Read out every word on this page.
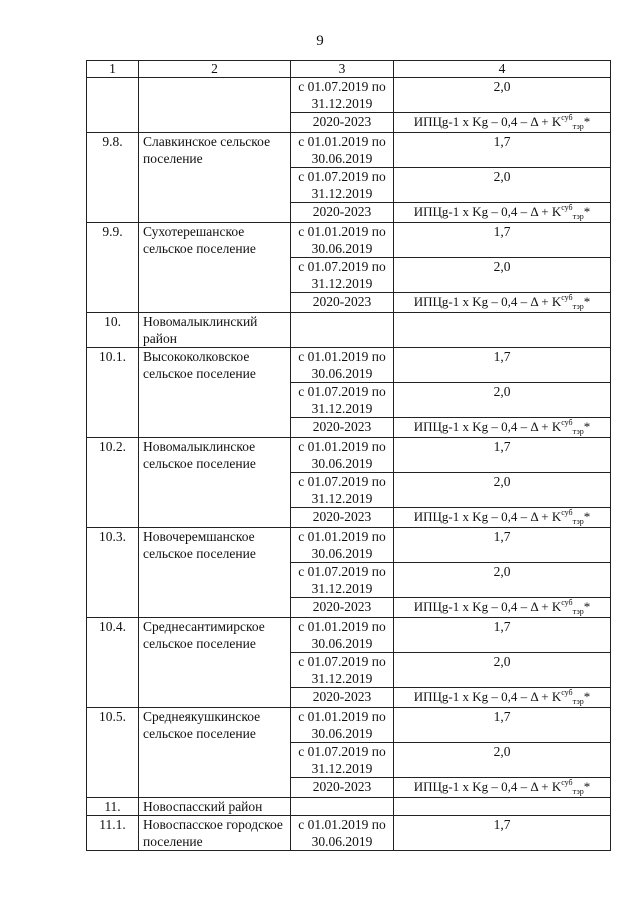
9
1	2	3	4
		с 01.07.2019 по 31.12.2019	2,0
		2020-2023	ИПЦg-1 x $Kg - 0,4 - \Delta + K^{суб}_{тэр}*$
9.8.	Славкинское сельское поселение	с 01.01.2019 по 30.06.2019	1,7
		с 01.07.2019 по 31.12.2019	2,0
		2020-2023	ИПЦg-1 x $Kg - 0,4 - \Delta + K^{суб}_{тэр}*$
9.9.	Сухотерешанское сельское поселение	с 01.01.2019 по 30.06.2019	1,7
		с 01.07.2019 по 31.12.2019	2,0
		2020-2023	ИПЦg-1 x $Kg - 0,4 - \Delta + K^{суб}_{тэр}*$
10.	Новомалыклинский район		
10.1.	Высококолковское сельское поселение	с 01.01.2019 по 30.06.2019	1,7
		с 01.07.2019 по 31.12.2019	2,0
		2020-2023	ИПЦg-1 x $Kg - 0,4 - \Delta + K^{суб}_{тэр}*$
10.2.	Новомалыклинское сельское поселение	с 01.01.2019 по 30.06.2019	1,7
		с 01.07.2019 по 31.12.2019	2,0
		2020-2023	ИПЦg-1 x $Kg - 0,4 - \Delta + K^{суб}_{тэр}*$
10.3.	Новочеремшанское сельское поселение	с 01.01.2019 по 30.06.2019	1,7
		с 01.07.2019 по 31.12.2019	2,0
		2020-2023	ИПЦg-1 x $Kg - 0,4 - \Delta + K^{суб}_{тэр}*$
10.4.	Среднесантимирское сельское поселение	с 01.01.2019 по 30.06.2019	1,7
		с 01.07.2019 по 31.12.2019	2,0
		2020-2023	ИПЦg-1 x $Kg - 0,4 - \Delta + K^{суб}_{тэр}*$
10.5.	Среднеякушкинское сельское поселение	с 01.01.2019 по 30.06.2019	1,7
		с 01.07.2019 по 31.12.2019	2,0
		2020-2023	ИПЦg-1 x $Kg - 0,4 - \Delta + K^{суб}_{тэр}*$
11.	Новоспасский район		
11.1.	Новоспасское городское поселение	с 01.01.2019 по 30.06.2019	1,7
